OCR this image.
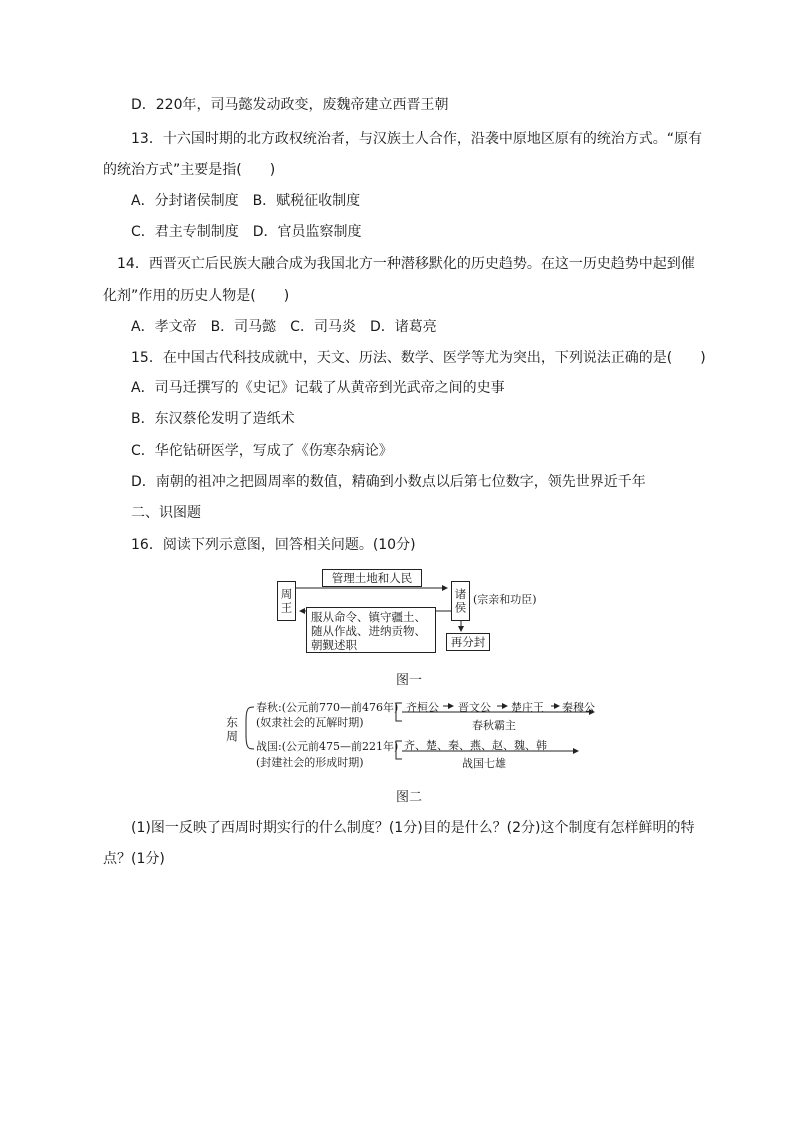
D．220年，司马懿发动政变，废魏帝建立西晋王朝
13．十六国时期的北方政权统治者，与汉族士人合作，沿袭中原地区原有的统治方式。“原有
的统治方式”主要是指(　　)
A．分封诸侯制度　B．赋税征收制度
C．君主专制制度　D．官员监察制度
14．西晋灭亡后民族大融合成为我国北方一种潜移默化的历史趋势。在这一历史趋势中起到催
化剂”作用的历史人物是(　　)
A．孝文帝　B．司马懿　C．司马炎　D．诸葛亮
15．在中国古代科技成就中，天文、历法、数学、医学等尤为突出，下列说法正确的是(　　)
A．司马迁撰写的《史记》记载了从黄帝到光武帝之间的史事
B．东汉蔡伦发明了造纸术
C．华佗钻研医学，写成了《伤寒杂病论》
D．南朝的祖冲之把圆周率的数值，精确到小数点以后第七位数字，领先世界近千年
二、识图题
16．阅读下列示意图，回答相关问题。(10分)
周王
管理土地和人民
诸侯 (宗亲和功臣)
服从命令、镇守疆土、
随从作战、进纳贡物、
朝觐述职	再分封
图一
东周
春秋:(公元前770—前476年)
(奴隶社会的瓦解时期)
齐桓公 晋文公 楚庄王 秦穆公
春秋霸主
战国:(公元前475—前221年)
(封建社会的形成时期)
齐、楚、秦、燕、赵、魏、韩
战国七雄
图二
(1)图一反映了西周时期实行的什么制度？(1分)目的是什么？(2分)这个制度有怎样鲜明的特
点？(1分)
